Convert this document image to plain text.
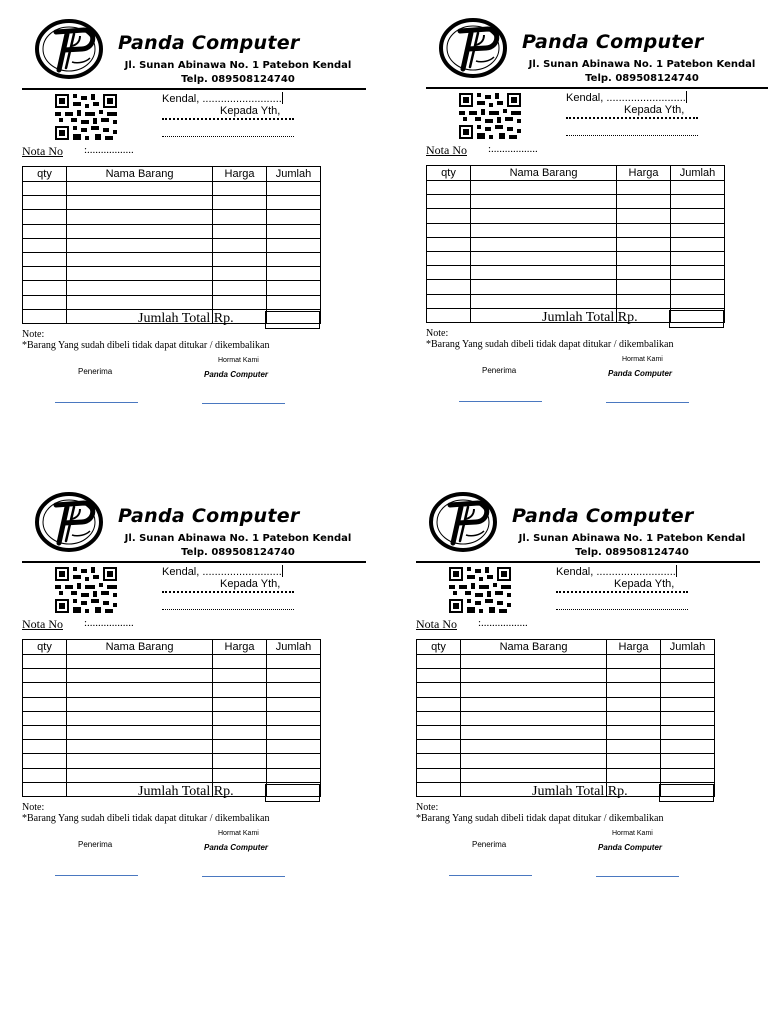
Panda Computer
Jl. Sunan Abinawa No. 1 Patebon Kendal
Telp. 089508124740
Kendal, ..........................
Kepada Yth,
Nota No :.................
qty	Nama Barang	Harga	Jumlah

Jumlah Total Rp.
Note:
*Barang Yang sudah dibeli tidak dapat ditukar / dikembalikan
Penerima
Hormat Kami
Panda Computer
Panda Computer
Jl. Sunan Abinawa No. 1 Patebon Kendal
Telp. 089508124740
Kendal, ..........................
Kepada Yth,
Nota No :.................
qty	Nama Barang	Harga	Jumlah

Jumlah Total Rp.
Note:
*Barang Yang sudah dibeli tidak dapat ditukar / dikembalikan
Penerima
Hormat Kami
Panda Computer
Panda Computer
Jl. Sunan Abinawa No. 1 Patebon Kendal
Telp. 089508124740
Kendal, ..........................
Kepada Yth,
Nota No :.................
qty	Nama Barang	Harga	Jumlah

Jumlah Total Rp.
Note:
*Barang Yang sudah dibeli tidak dapat ditukar / dikembalikan
Penerima
Hormat Kami
Panda Computer
Panda Computer
Jl. Sunan Abinawa No. 1 Patebon Kendal
Telp. 089508124740
Kendal, ..........................
Kepada Yth,
Nota No :.................
qty	Nama Barang	Harga	Jumlah

Jumlah Total Rp.
Note:
*Barang Yang sudah dibeli tidak dapat ditukar / dikembalikan
Penerima
Hormat Kami
Panda Computer
